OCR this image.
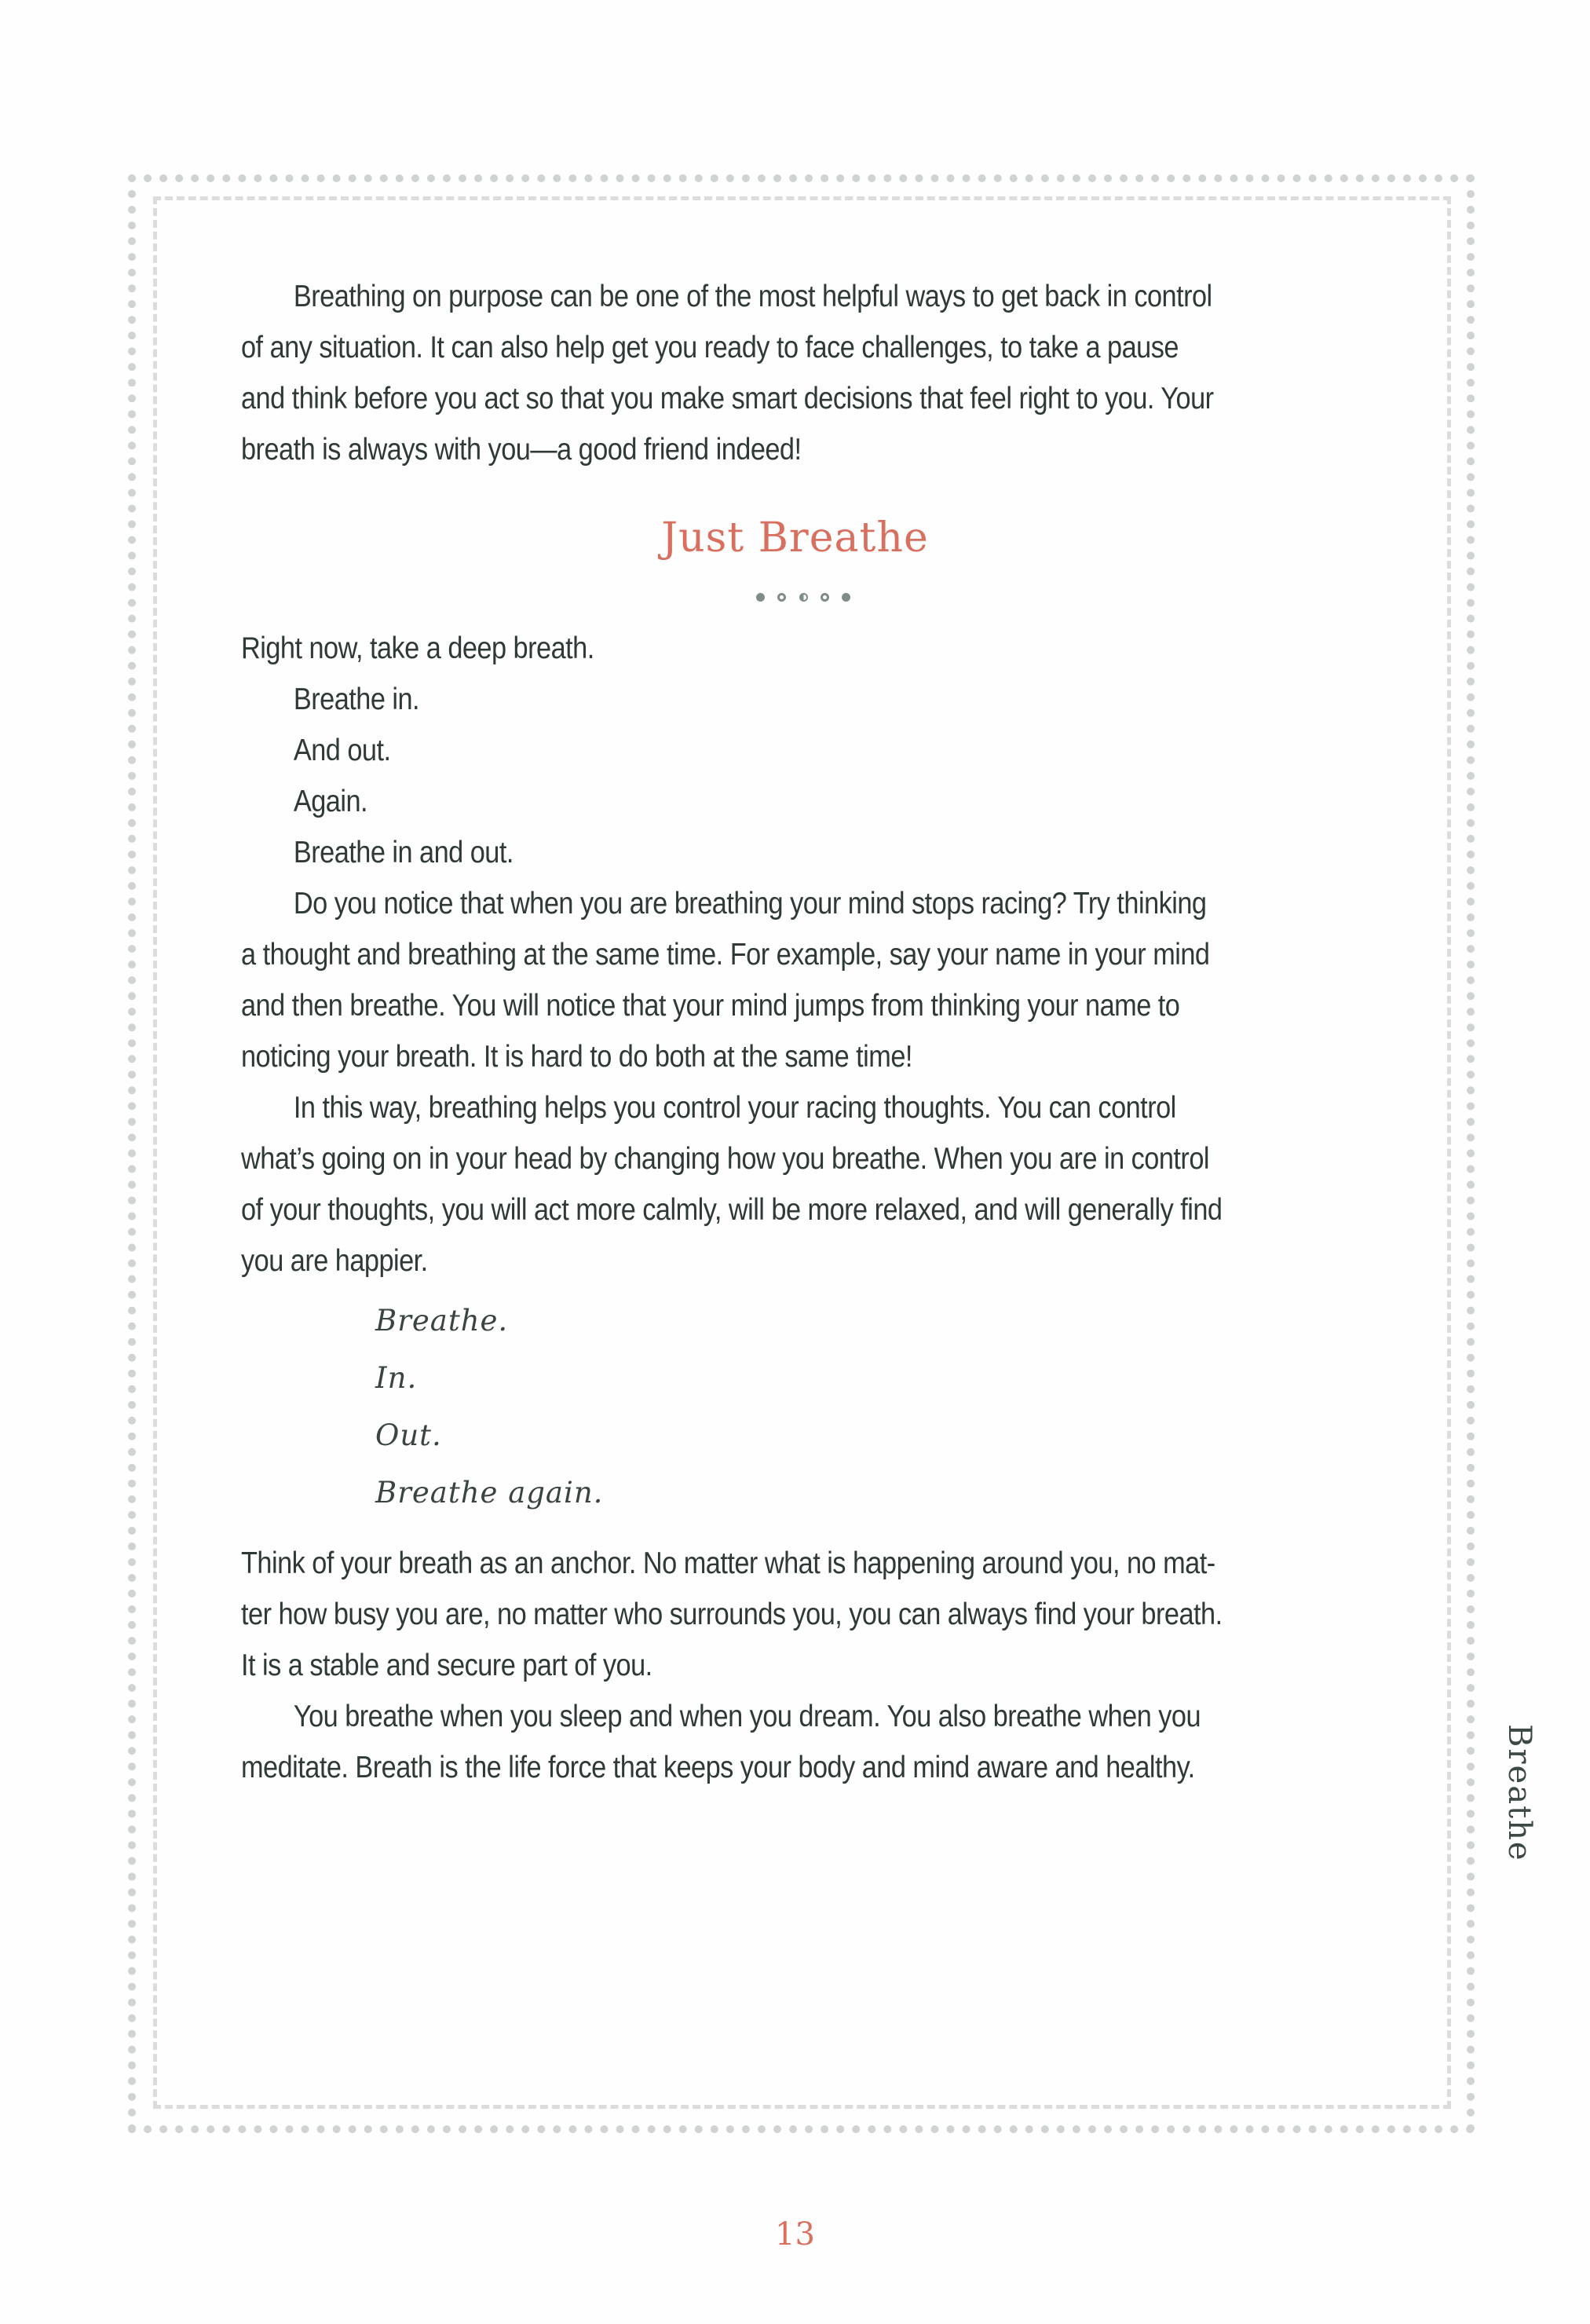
Breathing on purpose can be one of the most helpful ways to get back in control

of any situation. It can also help get you ready to face challenges, to take a pause

and think before you act so that you make smart decisions that feel right to you. Your

breath is always with you—a good friend indeed!

Just Breathe

Right now, take a deep breath.

Breathe in.

And out.

Again.

Breathe in and out.

Do you notice that when you are breathing your mind stops racing? Try thinking

a thought and breathing at the same time. For example, say your name in your mind

and then breathe. You will notice that your mind jumps from thinking your name to

noticing your breath. It is hard to do both at the same time!

In this way, breathing helps you control your racing thoughts. You can control

what’s going on in your head by changing how you breathe. When you are in control

of your thoughts, you will act more calmly, will be more relaxed, and will generally find

you are happier.

Breathe.
In.
Out.
Breathe again.

Think of your breath as an anchor. No matter what is happening around you, no mat-

ter how busy you are, no matter who surrounds you, you can always find your breath.

It is a stable and secure part of you.

You breathe when you sleep and when you dream. You also breathe when you

meditate. Breath is the life force that keeps your body and mind aware and healthy.	Breathe
13
